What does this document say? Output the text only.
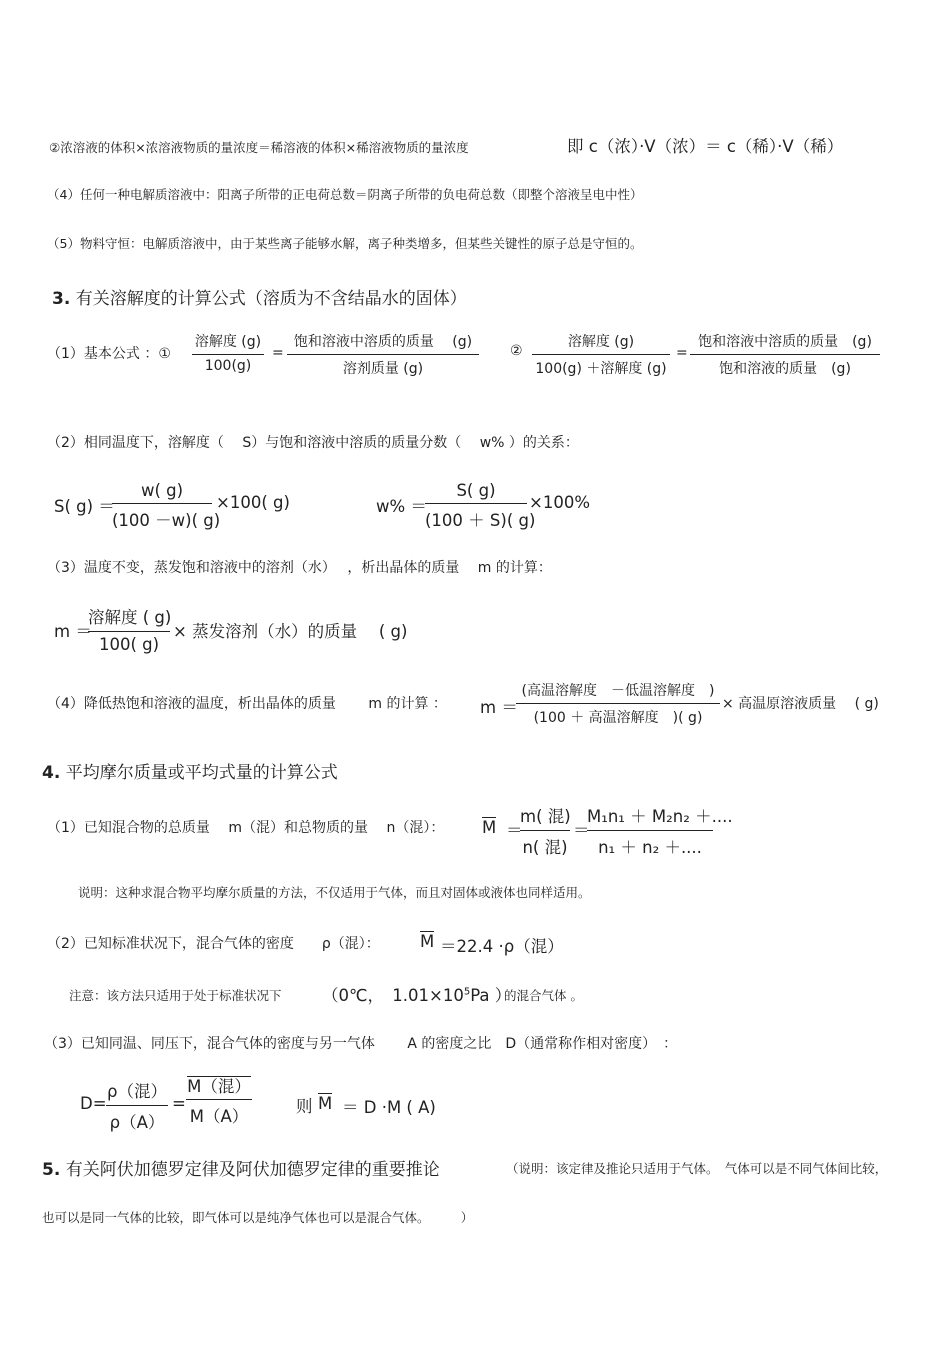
②浓溶液的体积×浓溶液物质的量浓度＝稀溶液的体积×稀溶液物质的量浓度	即 c（浓）·V（浓）＝ c（稀）·V（稀）
（4）任何一种电解质溶液中：阳离子所带的正电荷总数＝阴离子所带的负电荷总数（即整个溶液呈电中性）
（5）物料守恒：电解质溶液中，由于某些离子能够水解，离子种类增多，但某些关键性的原子总是守恒的。
3. 有关溶解度的计算公式（溶质为不含结晶水的固体）
（1）基本公式 ：①
溶解度 (g)
100(g)
=
饱和溶液中溶质的质量　 (g)
溶剂质量 (g)
②
溶解度 (g)
100(g) ＋溶解度 (g)
=
饱和溶液中溶质的质量　(g)
饱和溶液的质量　(g)
（2）相同温度下，溶解度（　 S）与饱和溶液中溶质的质量分数（　 w% ）的关系：
S( g) ＝
w( g)
(100 －w)( g)
×100( g)	w% ＝
S( g)
(100 ＋ S)( g)
×100%
（3）温度不变，蒸发饱和溶液中的溶剂（水）　 ，析出晶体的质量　 m 的计算：
m ＝
溶解度 ( g)
100( g)
× 蒸发溶剂（水）的质量　 ( g)
（4）降低热饱和溶液的温度，析出晶体的质量　　 m 的计算 ： m ＝
(高温溶解度　－低温溶解度　)
(100 ＋ 高温溶解度　)( g)
× 高温原溶液质量　 ( g)
4. 平均摩尔质量或平均式量的计算公式
（1）已知混合物的总质量　 m（混）和总物质的量　 n（混）： M ＝
m( 混)
n( 混)
＝
M₁n₁ ＋ M₂n₂ ＋....
n₁ ＋ n₂ ＋....
说明：这种求混合物平均摩尔质量的方法，不仅适用于气体，而且对固体或液体也同样适用。
（2）已知标准状况下，混合气体的密度　　ρ（混）： M ＝22.4 ·ρ（混）
注意：该方法只适用于处于标准状况下 （0℃，　$1.01\times 10^5Pa$ ）
的混合气体 。
（3）已知同温、同压下，混合气体的密度与另一气体　　 A 的密度之比　D（通常称作相对密度）　：
D=
ρ（混）
ρ（A）
=
M（混）
M（A）
则 M ＝ D ·M ( A)
5. 有关阿伏加德罗定律及阿伏加德罗定律的重要推论	（说明：该定律及推论只适用于气体。　气体可以是不同气体间比较，
也可以是同一气体的比较，即气体可以是纯净气体也可以是混合气体。　　　）
